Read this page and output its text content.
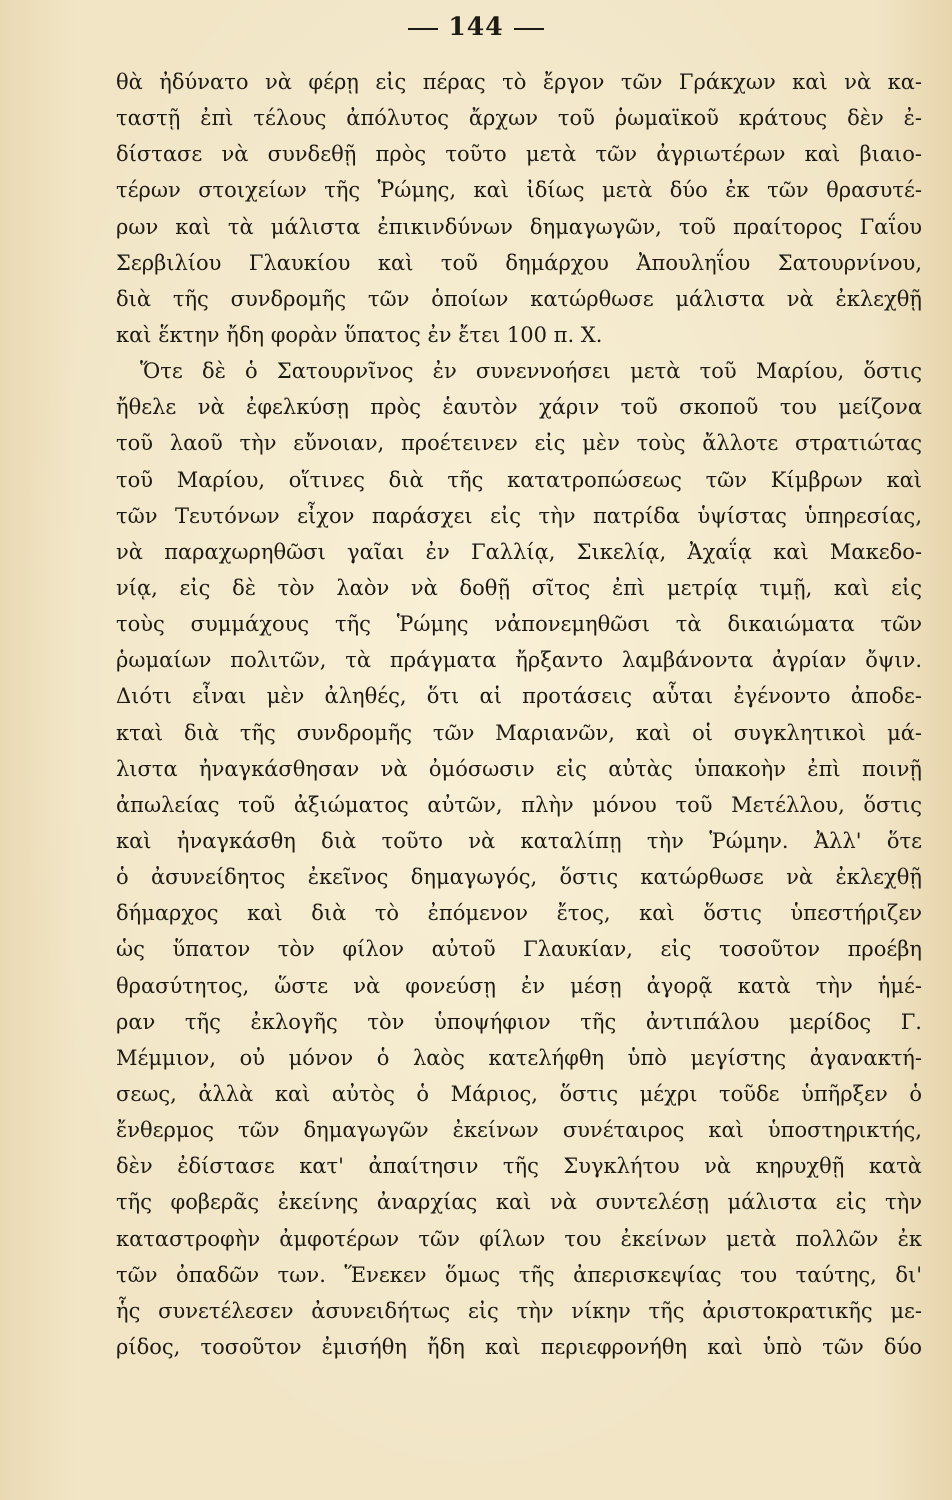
144
θὰ ἠδύνατο νὰ φέρῃ εἰς πέρας τὸ ἔργον τῶν Γράκχων καὶ νὰ κα-
ταστῇ ἐπὶ τέλους ἀπόλυτος ἄρχων τοῦ ῥωμαϊκοῦ κράτους δὲν ἐ-
δίστασε νὰ συνδεθῇ πρὸς τοῦτο μετὰ τῶν ἀγριωτέρων καὶ βιαιο-
τέρων στοιχείων τῆς Ῥώμης, καὶ ἰδίως μετὰ δύο ἐκ τῶν θρασυτέ-
ρων καὶ τὰ μάλιστα ἐπικινδύνων δημαγωγῶν, τοῦ πραίτορος Γαΐου
Σερβιλίου Γλαυκίου καὶ τοῦ δημάρχου Ἀπουληΐου Σατουρνίνου,
διὰ τῆς συνδρομῆς τῶν ὁποίων κατώρθωσε μάλιστα νὰ ἐκλεχθῇ
καὶ ἕκτην ἤδη φορὰν ὕπατος ἐν ἔτει 100 π. Χ.
Ὅτε δὲ ὁ Σατουρνῖνος ἐν συνεννοήσει μετὰ τοῦ Μαρίου, ὅστις
ἤθελε νὰ ἐφελκύσῃ πρὸς ἑαυτὸν χάριν τοῦ σκοποῦ του μείζονα
τοῦ λαοῦ τὴν εὔνοιαν, προέτεινεν εἰς μὲν τοὺς ἄλλοτε στρατιώτας
τοῦ Μαρίου, οἵτινες διὰ τῆς κατατροπώσεως τῶν Κίμβρων καὶ
τῶν Τευτόνων εἶχον παράσχει εἰς τὴν πατρίδα ὑψίστας ὑπηρεσίας,
νὰ παραχωρηθῶσι γαῖαι ἐν Γαλλίᾳ, Σικελίᾳ, Ἀχαΐᾳ καὶ Μακεδο-
νίᾳ, εἰς δὲ τὸν λαὸν νὰ δοθῇ σῖτος ἐπὶ μετρίᾳ τιμῇ, καὶ εἰς
τοὺς συμμάχους τῆς Ῥώμης νἀπονεμηθῶσι τὰ δικαιώματα τῶν
ῥωμαίων πολιτῶν, τὰ πράγματα ἤρξαντο λαμβάνοντα ἀγρίαν ὄψιν.
Διότι εἶναι μὲν ἀληθές, ὅτι αἱ προτάσεις αὗται ἐγένοντο ἀποδε-
κταὶ διὰ τῆς συνδρομῆς τῶν Μαριανῶν, καὶ οἱ συγκλητικοὶ μά-
λιστα ἠναγκάσθησαν νὰ ὀμόσωσιν εἰς αὐτὰς ὑπακοὴν ἐπὶ ποινῇ
ἀπωλείας τοῦ ἀξιώματος αὐτῶν, πλὴν μόνου τοῦ Μετέλλου, ὅστις
καὶ ἠναγκάσθη διὰ τοῦτο νὰ καταλίπῃ τὴν Ῥώμην. Ἀλλ' ὅτε
ὁ ἀσυνείδητος ἐκεῖνος δημαγωγός, ὅστις κατώρθωσε νὰ ἐκλεχθῇ
δήμαρχος καὶ διὰ τὸ ἐπόμενον ἔτος, καὶ ὅστις ὑπεστήριζεν
ὡς ὕπατον τὸν φίλον αὐτοῦ Γλαυκίαν, εἰς τοσοῦτον προέβη
θρασύτητος, ὥστε νὰ φονεύσῃ ἐν μέσῃ ἀγορᾷ κατὰ τὴν ἡμέ-
ραν τῆς ἐκλογῆς τὸν ὑποψήφιον τῆς ἀντιπάλου μερίδος Γ.
Μέμμιον, οὐ μόνον ὁ λαὸς κατελήφθη ὑπὸ μεγίστης ἀγανακτή-
σεως, ἀλλὰ καὶ αὐτὸς ὁ Μάριος, ὅστις μέχρι τοῦδε ὑπῆρξεν ὁ
ἔνθερμος τῶν δημαγωγῶν ἐκείνων συνέταιρος καὶ ὑποστηρικτής,
δὲν ἐδίστασε κατ' ἀπαίτησιν τῆς Συγκλήτου νὰ κηρυχθῇ κατὰ
τῆς φοβερᾶς ἐκείνης ἀναρχίας καὶ νὰ συντελέσῃ μάλιστα εἰς τὴν
καταστροφὴν ἀμφοτέρων τῶν φίλων του ἐκείνων μετὰ πολλῶν ἐκ
τῶν ὀπαδῶν των. Ἕνεκεν ὅμως τῆς ἀπερισκεψίας του ταύτης, δι'
ἧς συνετέλεσεν ἀσυνειδήτως εἰς τὴν νίκην τῆς ἀριστοκρατικῆς με-
ρίδος, τοσοῦτον ἐμισήθη ἤδη καὶ περιεφρονήθη καὶ ὑπὸ τῶν δύο
